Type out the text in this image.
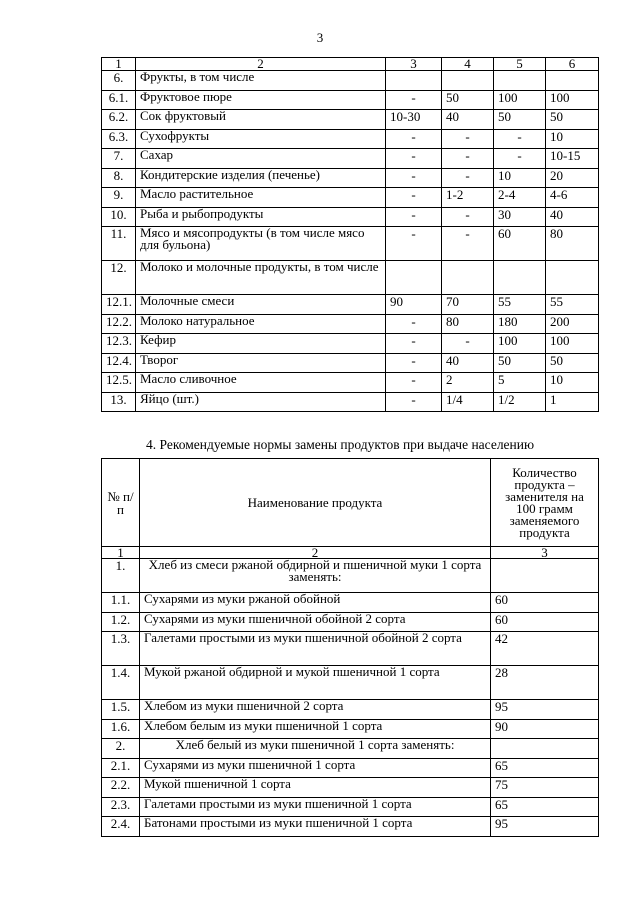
3
1	2	3	4	5	6
6.	Фрукты, в том числе				
6.1.	Фруктовое пюре	-	50	100	100
6.2.	Сок фруктовый	10-30	40	50	50
6.3.	Сухофрукты	-	-	-	10
7.	Сахар	-	-	-	10-15
8.	Кондитерские изделия (печенье)	-	-	10	20
9.	Масло растительное	-	1-2	2-4	4-6
10.	Рыба и рыбопродукты	-	-	30	40
11.	Мясо и мясопродукты (в том числе мясо для бульона)	-	-	60	80
12.	Молоко и молочные продукты, в том числе				
12.1.	Молочные смеси	90	70	55	55
12.2.	Молоко натуральное	-	80	180	200
12.3.	Кефир	-	-	100	100
12.4.	Творог	-	40	50	50
12.5.	Масло сливочное	-	2	5	10
13.	Яйцо (шт.)	-	1/4	1/2	1
4. Рекомендуемые нормы замены продуктов при выдаче населению
№ п/п	Наименование продукта	Количество продукта – заменителя на 100 грамм заменяемого продукта
1	2	3
1.	Хлеб из смеси ржаной обдирной и пшеничной муки 1 сорта заменять:	
1.1.	Сухарями из муки ржаной обойной	60
1.2.	Сухарями из муки пшеничной обойной 2 сорта	60
1.3.	Галетами простыми из муки пшеничной обойной 2 сорта	42
1.4.	Мукой ржаной обдирной и мукой пшеничной 1 сорта	28
1.5.	Хлебом из муки пшеничной 2 сорта	95
1.6.	Хлебом белым из муки пшеничной 1 сорта	90
2.	Хлеб белый из муки пшеничной 1 сорта заменять:	
2.1.	Сухарями из муки пшеничной 1 сорта	65
2.2.	Мукой пшеничной 1 сорта	75
2.3.	Галетами простыми из муки пшеничной 1 сорта	65
2.4.	Батонами простыми из муки пшеничной 1 сорта	95
